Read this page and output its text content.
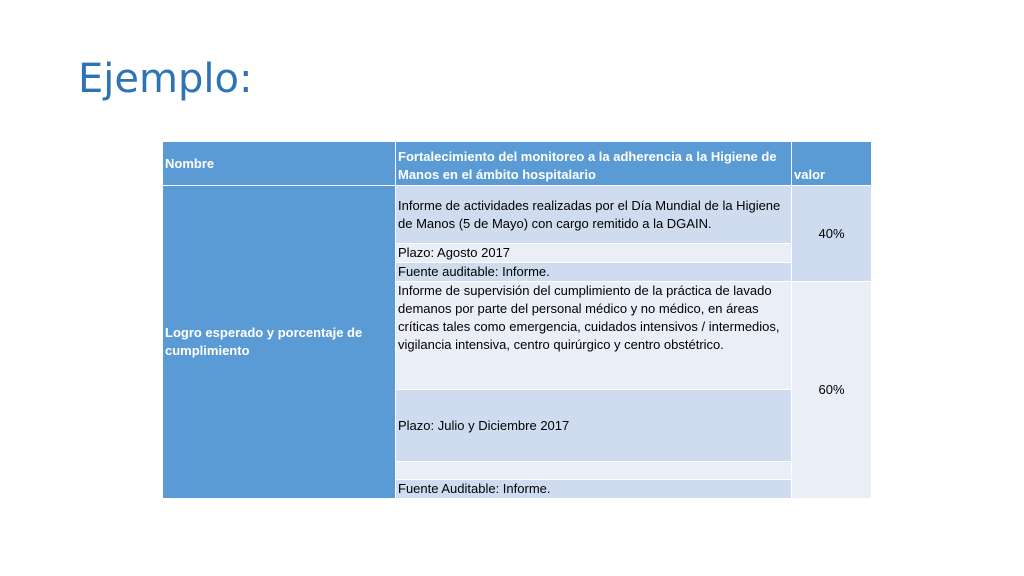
Ejemplo:
Nombre	Fortalecimiento del monitoreo a la adherencia a la Higiene de Manos en el ámbito hospitalario	valor
Logro esperado y porcentaje de cumplimiento	Informe de actividades realizadas por el Día Mundial de la Higiene de Manos (5 de Mayo) con cargo remitido a la DGAIN.	40%
	Plazo: Agosto 2017	
	Fuente auditable: Informe.	
	Informe de supervisión del cumplimiento de la práctica de lavado demanos por parte del personal médico y no médico, en áreas críticas tales como emergencia, cuidados intensivos / intermedios, vigilancia intensiva, centro quirúrgico y centro obstétrico.	60%
	Plazo: Julio y Diciembre 2017	

	Fuente Auditable: Informe.	
